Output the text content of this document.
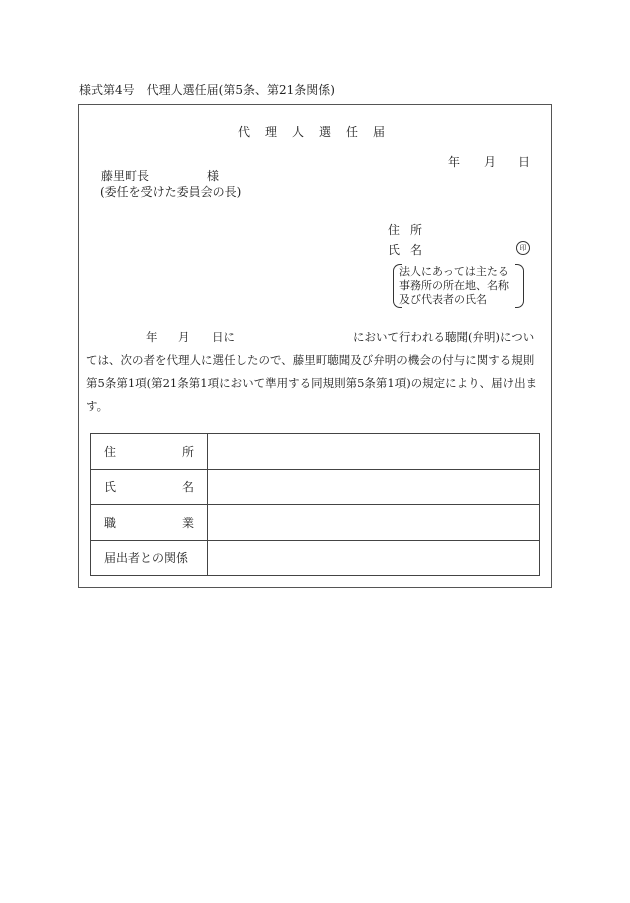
様式第4号　代理人選任届(第5条、第21条関係)
代理人選任届
年 月 日
藤里町長	様
(委任を受けた委員会の長)
住所
氏名	印
法人にあっては主たる
事務所の所在地、名称
及び代表者の氏名
年 月 日に	において行われる聴聞(弁明)につい
ては、次の者を代理人に選任したので、藤里町聴聞及び弁明の機会の付与に関する規則
第5条第1項(第21条第1項において準用する同規則第5条第1項)の規定により、届け出ま
す。
住 所	

氏 名	

職 業	

届出者との関係	
